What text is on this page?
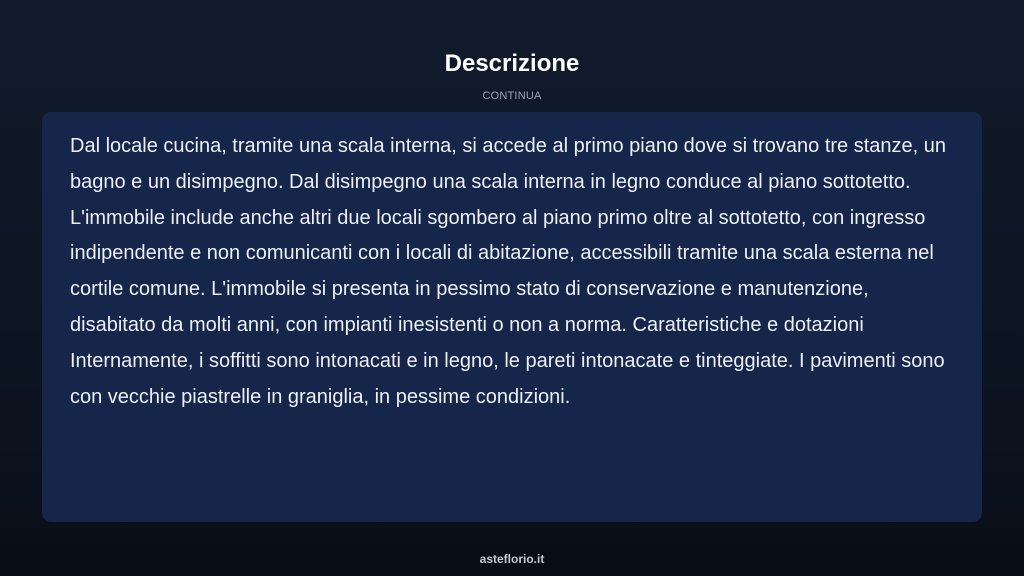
Descrizione
CONTINUA

Dal locale cucina, tramite una scala interna, si accede al primo piano dove si trovano tre stanze, un bagno e un disimpegno. Dal disimpegno una scala interna in legno conduce al piano sottotetto. L'immobile include anche altri due locali sgombero al piano primo oltre al sottotetto, con ingresso indipendente e non comunicanti con i locali di abitazione, accessibili tramite una scala esterna nel cortile comune. L'immobile si presenta in pessimo stato di conservazione e manutenzione, disabitato da molti anni, con impianti inesistenti o non a norma. Caratteristiche e dotazioni Internamente, i soffitti sono intonacati e in legno, le pareti intonacate e tinteggiate. I pavimenti sono con vecchie piastrelle in graniglia, in pessime condizioni.

asteflorio.it
